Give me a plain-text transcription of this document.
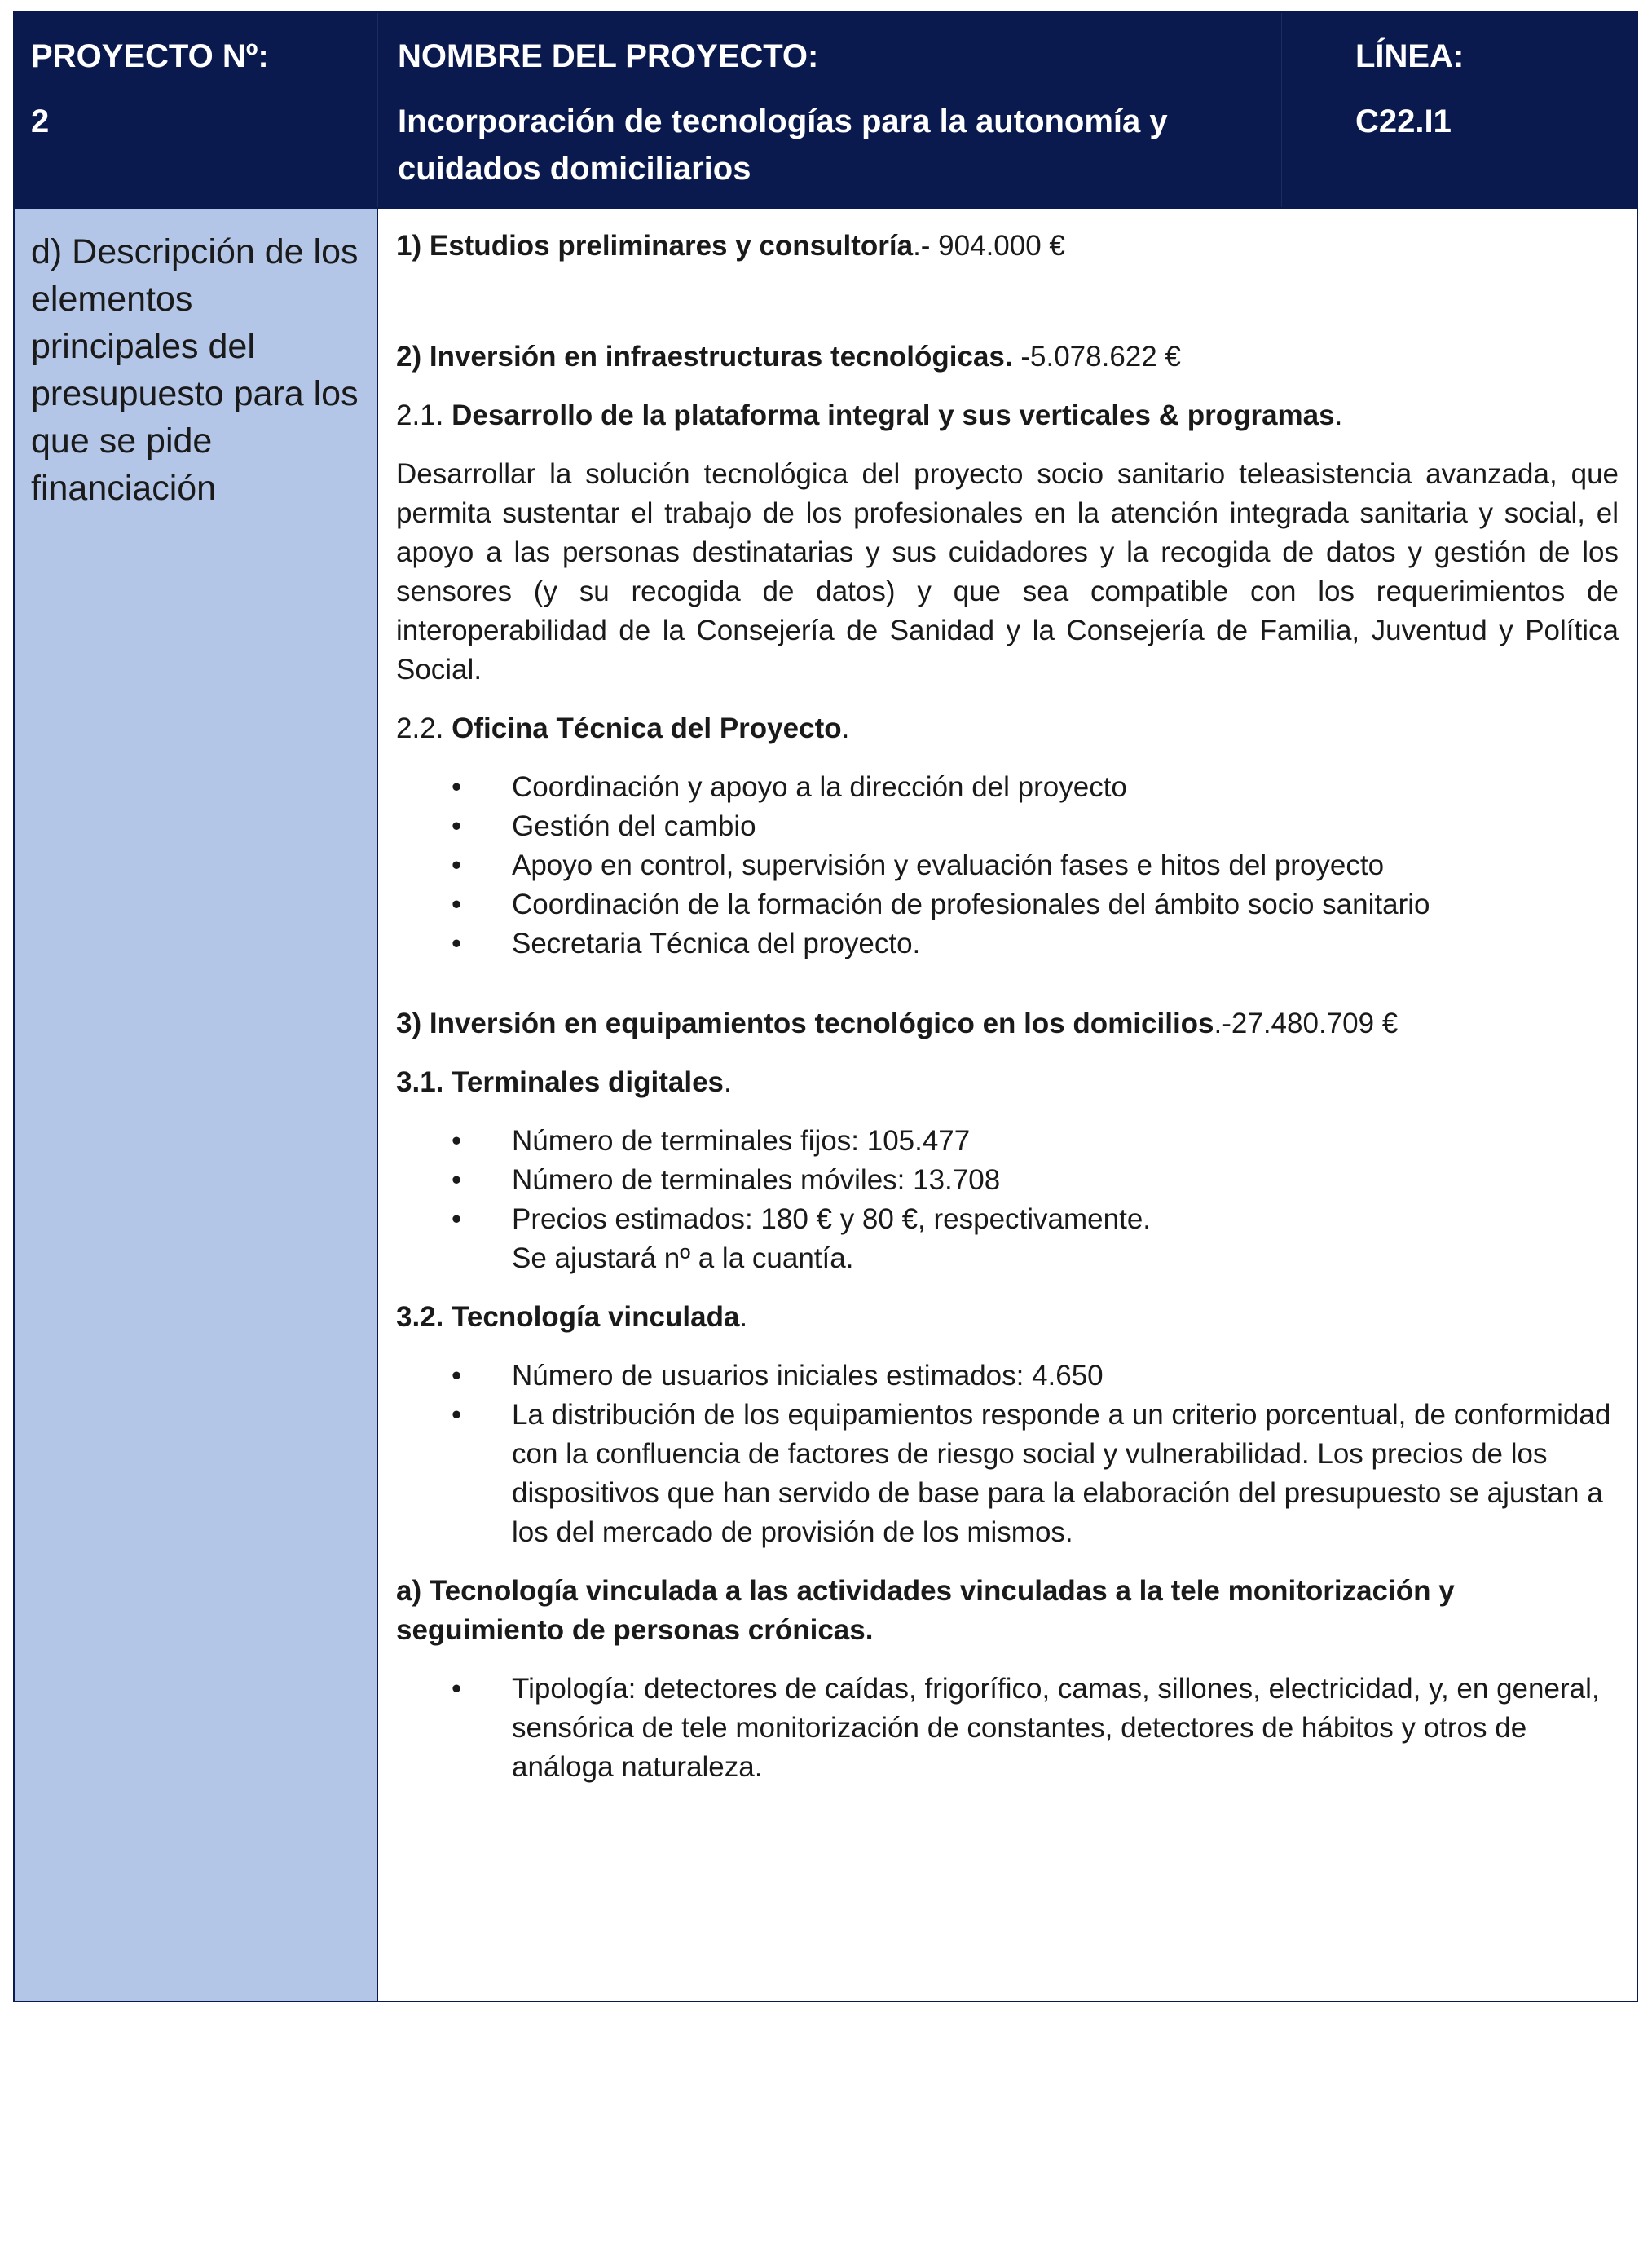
PROYECTO Nº:
2
NOMBRE DEL PROYECTO:
Incorporación de tecnologías para la autonomía y cuidados domiciliarios
LÍNEA:
C22.I1
d) Descripción de los elementos principales del presupuesto para los que se pide financiación

1) Estudios preliminares y consultoría.- 904.000 €

2) Inversión en infraestructuras tecnológicas. -5.078.622 €

2.1. Desarrollo de la plataforma integral y sus verticales & programas.

Desarrollar la solución tecnológica del proyecto socio sanitario teleasistencia avanzada, que permita sustentar el trabajo de los profesionales en la atención integrada sanitaria y social, el apoyo a las personas destinatarias y sus cuidadores y la recogida de datos y gestión de los sensores (y su recogida de datos) y que sea compatible con los requerimientos de interoperabilidad de la Consejería de Sanidad y la Consejería de Familia, Juventud y Política Social.

2.2. Oficina Técnica del Proyecto.

• Coordinación y apoyo a la dirección del proyecto
• Gestión del cambio
• Apoyo en control, supervisión y evaluación fases e hitos del proyecto
• Coordinación de la formación de profesionales del ámbito socio sanitario
• Secretaria Técnica del proyecto.

3) Inversión en equipamientos tecnológico en los domicilios.-27.480.709 €

3.1. Terminales digitales.

• Número de terminales fijos: 105.477
• Número de terminales móviles: 13.708
• Precios estimados: 180 € y 80 €, respectivamente.
Se ajustará nº a la cuantía.

3.2. Tecnología vinculada.

• Número de usuarios iniciales estimados: 4.650
• La distribución de los equipamientos responde a un criterio porcentual, de conformidad con la confluencia de factores de riesgo social y vulnerabilidad. Los precios de los dispositivos que han servido de base para la elaboración del presupuesto se ajustan a los del mercado de provisión de los mismos.

a) Tecnología vinculada a las actividades vinculadas a la tele monitorización y seguimiento de personas crónicas.

• Tipología: detectores de caídas, frigorífico, camas, sillones, electricidad, y, en general, sensórica de tele monitorización de constantes, detectores de hábitos y otros de análoga naturaleza.
